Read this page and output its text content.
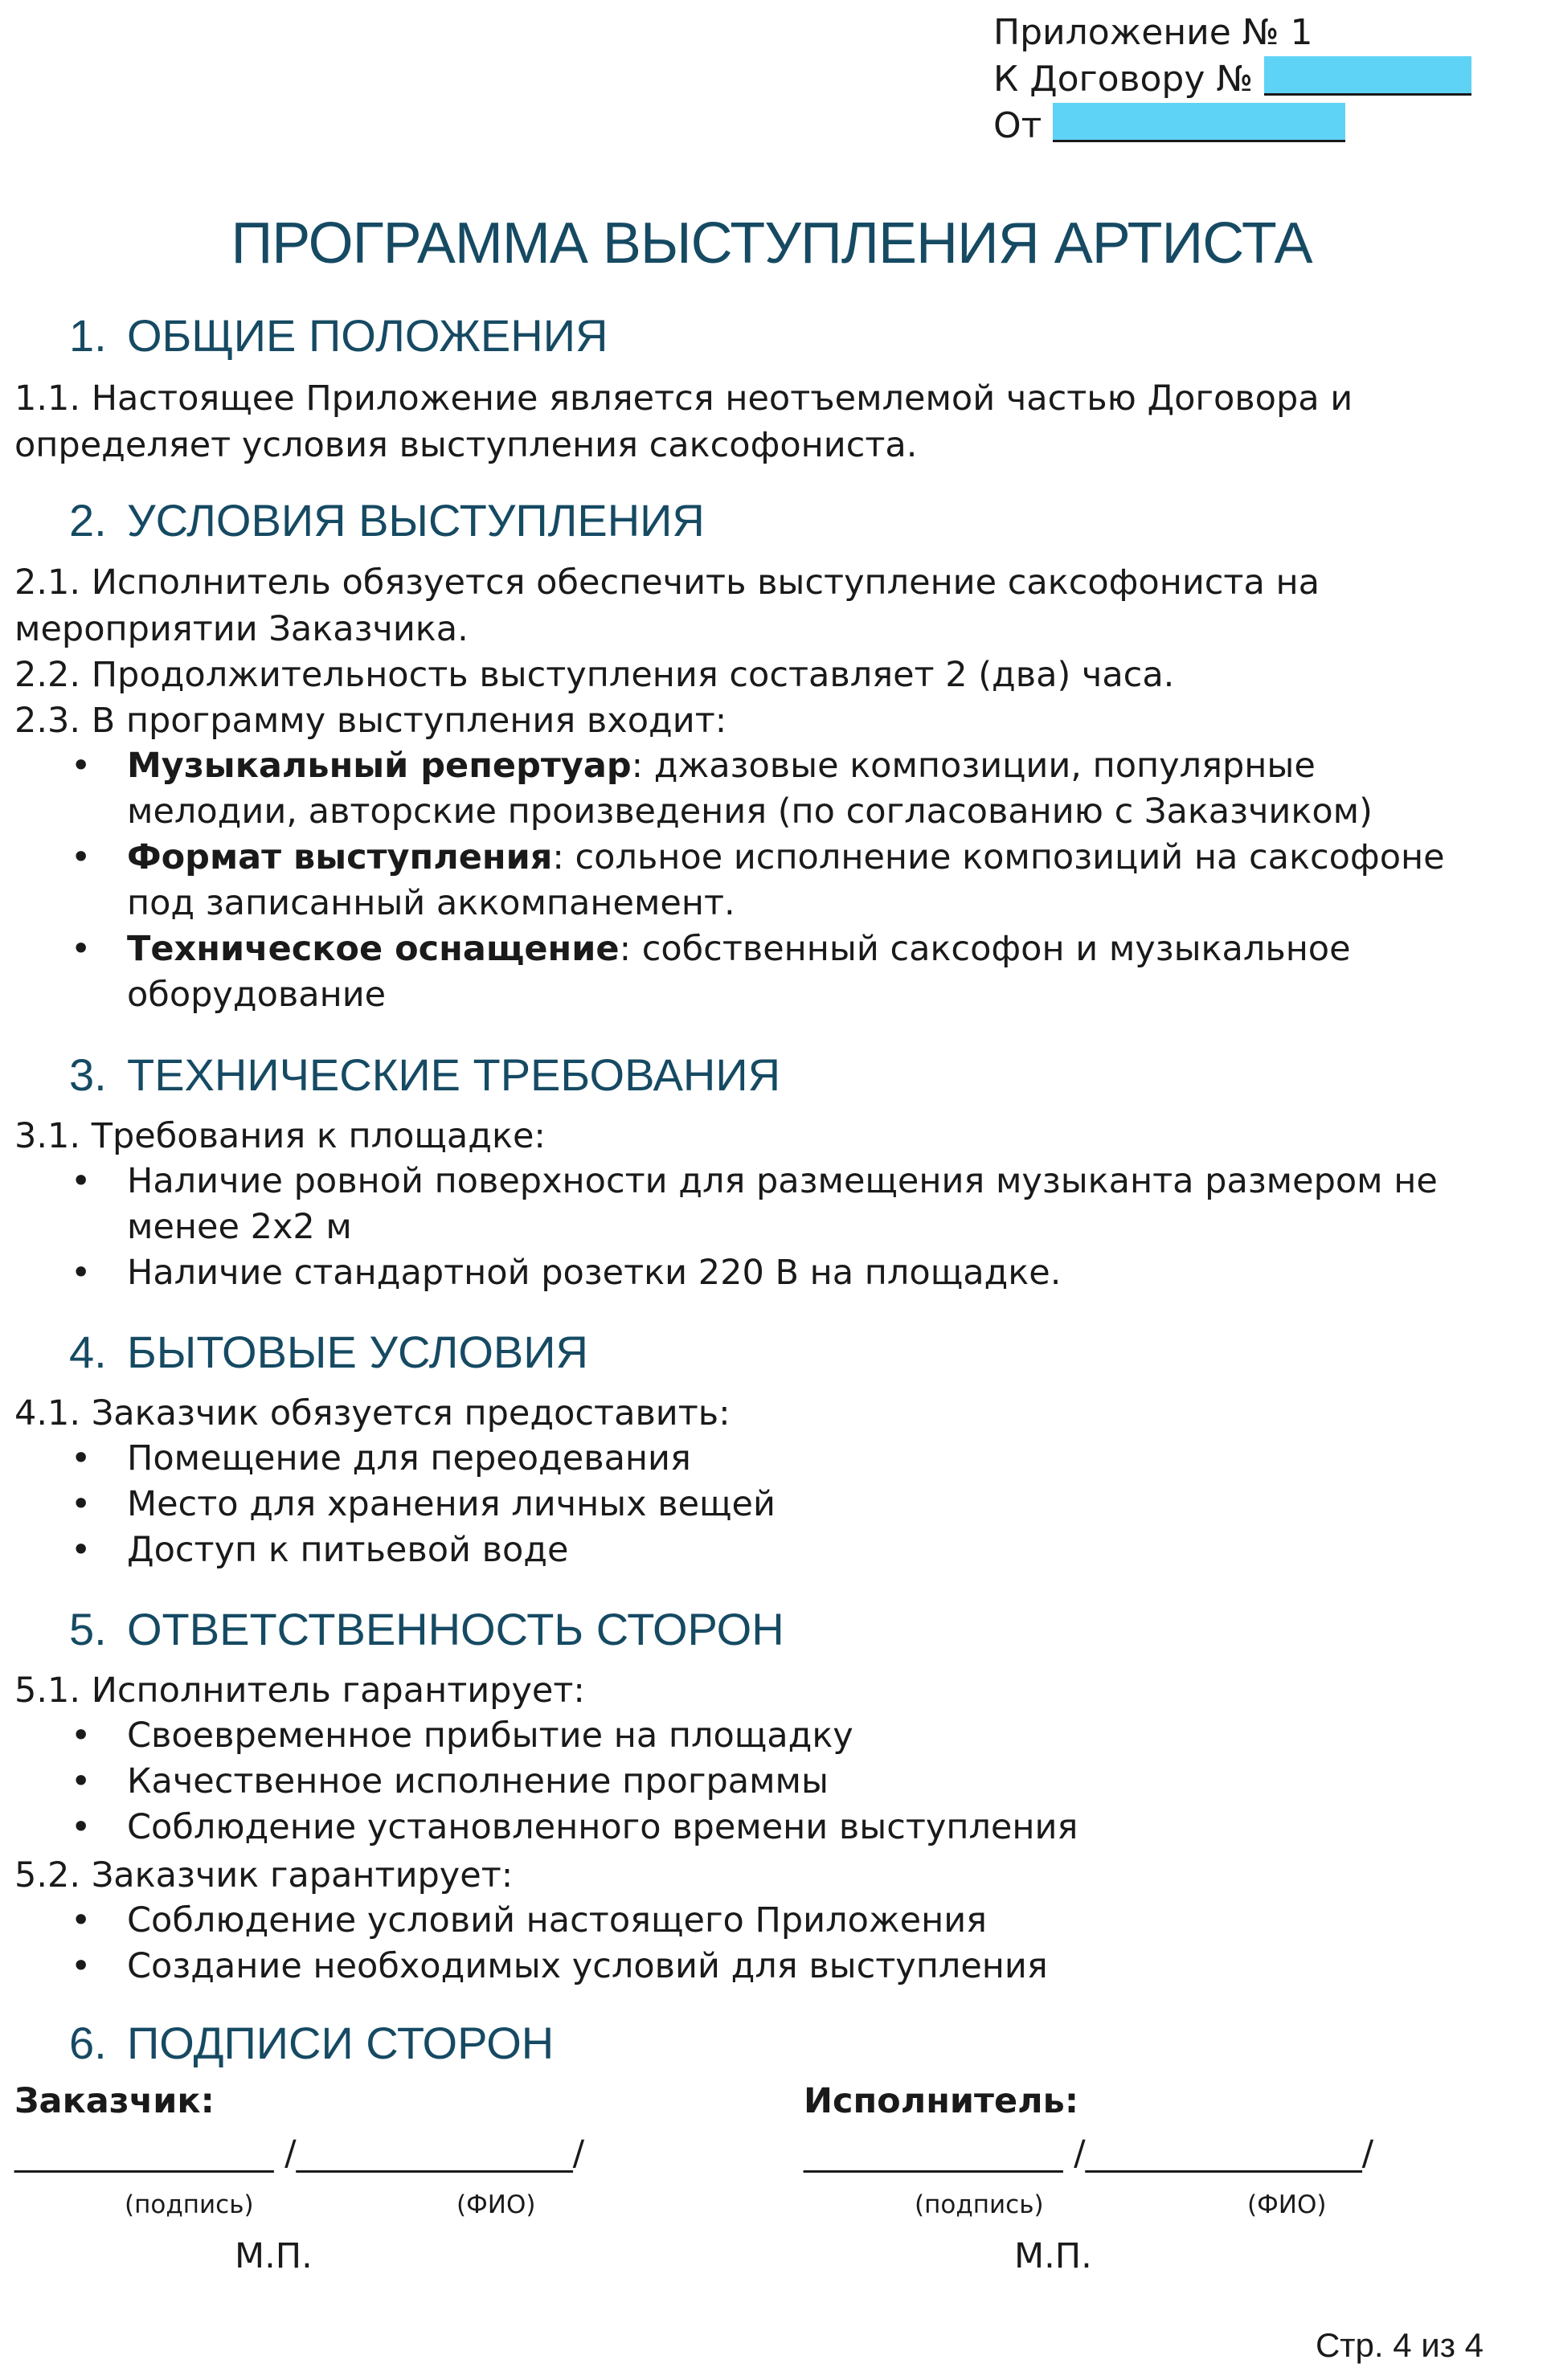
Приложение № 1
К Договору №
От
ПРОГРАММА ВЫСТУПЛЕНИЯ АРТИСТА
1. ОБЩИЕ ПОЛОЖЕНИЯ
1.1. Настоящее Приложение является неотъемлемой частью Договора и определяет условия выступления саксофониста.
2. УСЛОВИЯ ВЫСТУПЛЕНИЯ
2.1. Исполнитель обязуется обеспечить выступление саксофониста на мероприятии Заказчика.
2.2. Продолжительность выступления составляет 2 (два) часа.
2.3. В программу выступления входит:
• Музыкальный репертуар: джазовые композиции, популярные мелодии, авторские произведения (по согласованию с Заказчиком)
• Формат выступления: сольное исполнение композиций на саксофоне под записанный аккомпанемент.
• Техническое оснащение: собственный саксофон и музыкальное оборудование
3. ТЕХНИЧЕСКИЕ ТРЕБОВАНИЯ
3.1. Требования к площадке:
• Наличие ровной поверхности для размещения музыканта размером не менее 2х2 м
• Наличие стандартной розетки 220 В на площадке.
4. БЫТОВЫЕ УСЛОВИЯ
4.1. Заказчик обязуется предоставить:
• Помещение для переодевания
• Место для хранения личных вещей
• Доступ к питьевой воде
5. ОТВЕТСТВЕННОСТЬ СТОРОН
5.1. Исполнитель гарантирует:
• Своевременное прибытие на площадку
• Качественное исполнение программы
• Соблюдение установленного времени выступления
5.2. Заказчик гарантирует:
• Соблюдение условий настоящего Приложения
• Создание необходимых условий для выступления
6. ПОДПИСИ СТОРОН
Заказчик:	Исполнитель:
_______________ /________________/	_______________ /________________/
(подпись)	(ФИО)	(подпись)	(ФИО)
М.П.	М.П.
Стр. 4 из 4
